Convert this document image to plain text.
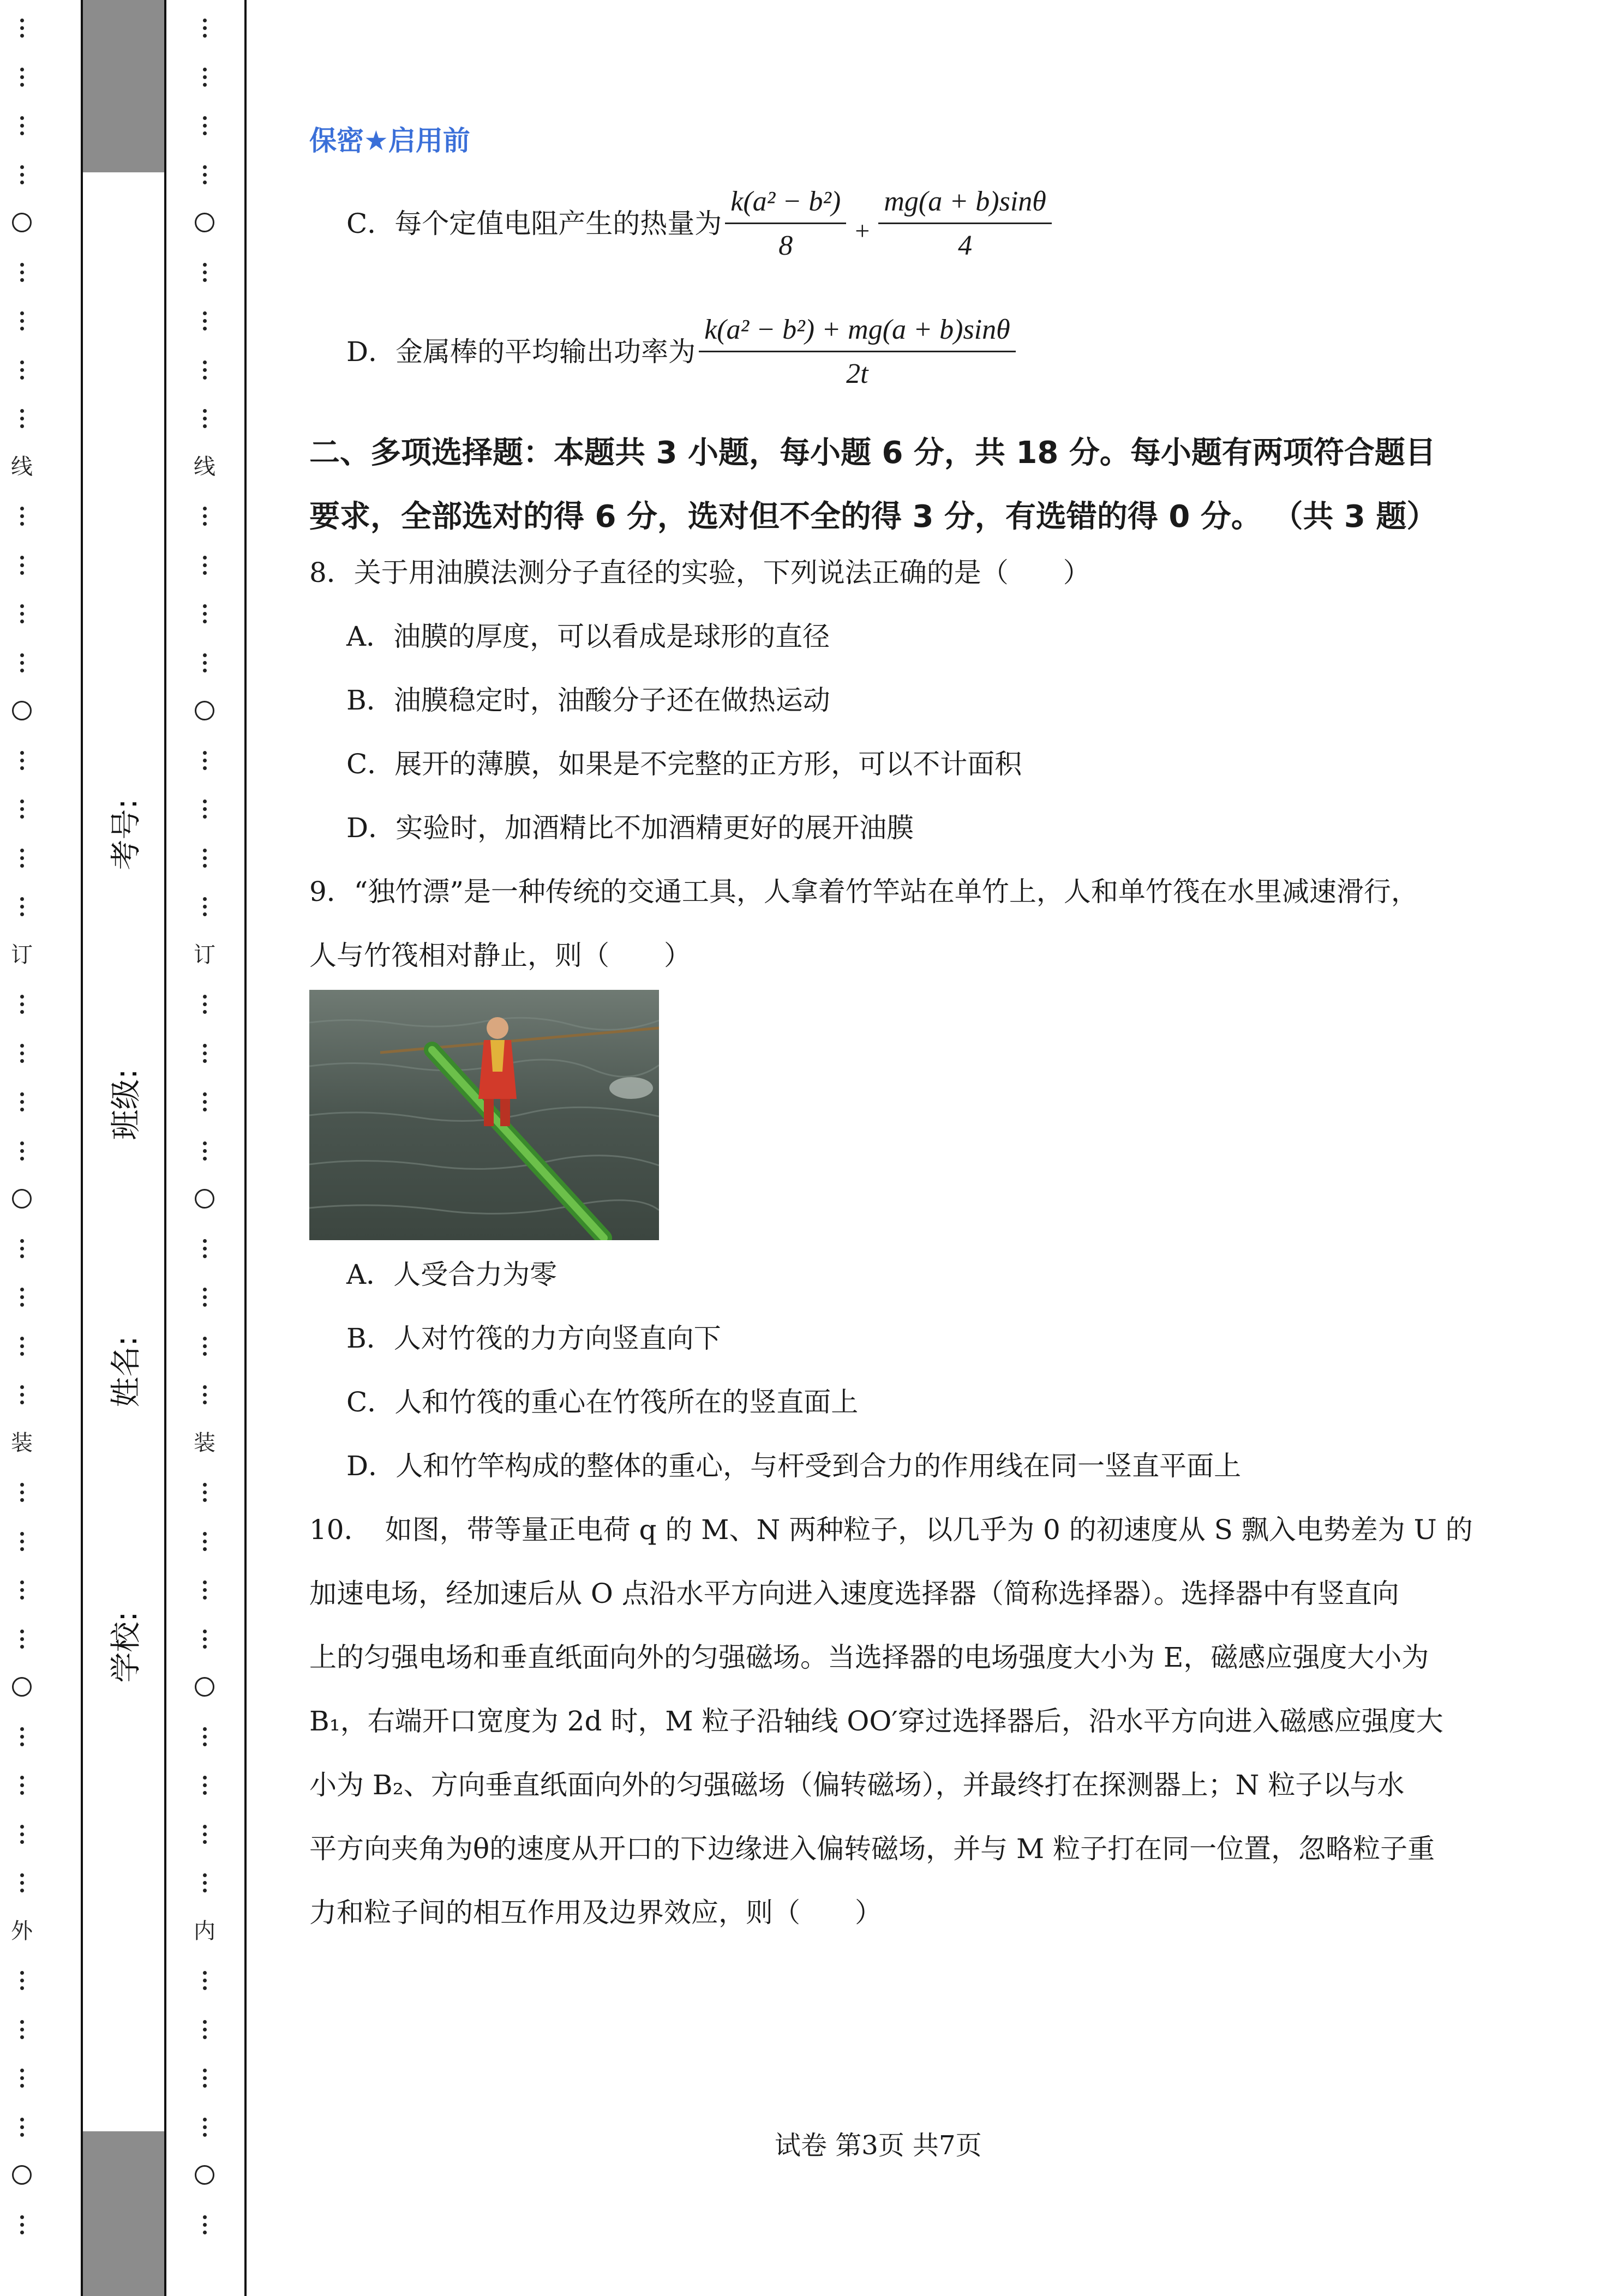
线
订
装
外
考号:
班级:
姓名:
学校:
线
订
装
内
保密★启用前
C．每个定值电阻产生的热量为 $\frac{\text{k(a² − b²)}}{8} + \frac{mg(a + b)\sin\theta}{4}$
D．金属棒的平均输出功率为 $\frac{\text{k(a² − b²) + mg(a + b)sinθ}}{2t}$
二、多项选择题：本题共 3 小题，每小题 6 分，共 18 分。每小题有两项符合题目
要求，全部选对的得 6 分，选对但不全的得 3 分，有选错的得 0 分。 （共 3 题）
8．关于用油膜法测分子直径的实验，下列说法正确的是（　　）
A．油膜的厚度，可以看成是球形的直径
B．油膜稳定时，油酸分子还在做热运动
C．展开的薄膜，如果是不完整的正方形，可以不计面积
D．实验时，加酒精比不加酒精更好的展开油膜
9．“独竹漂”是一种传统的交通工具，人拿着竹竿站在单竹上，人和单竹筏在水里减速滑行，
人与竹筏相对静止，则（　　）
A．人受合力为零
B．人对竹筏的力方向竖直向下
C．人和竹筏的重心在竹筏所在的竖直面上
D．人和竹竿构成的整体的重心，与杆受到合力的作用线在同一竖直平面上
10．　如图，带等量正电荷 q 的 M、N 两种粒子，以几乎为 0 的初速度从 S 飘入电势差为 U 的
加速电场，经加速后从 O 点沿水平方向进入速度选择器（简称选择器）。选择器中有竖直向
上的匀强电场和垂直纸面向外的匀强磁场。当选择器的电场强度大小为 E，磁感应强度大小为
B₁，右端开口宽度为 2d 时，M 粒子沿轴线 OO′穿过选择器后，沿水平方向进入磁感应强度大
小为 B₂、方向垂直纸面向外的匀强磁场（偏转磁场），并最终打在探测器上；N 粒子以与水
平方向夹角为θ的速度从开口的下边缘进入偏转磁场，并与 M 粒子打在同一位置，忽略粒子重
力和粒子间的相互作用及边界效应，则（　　）
试卷 第3页 共7页
